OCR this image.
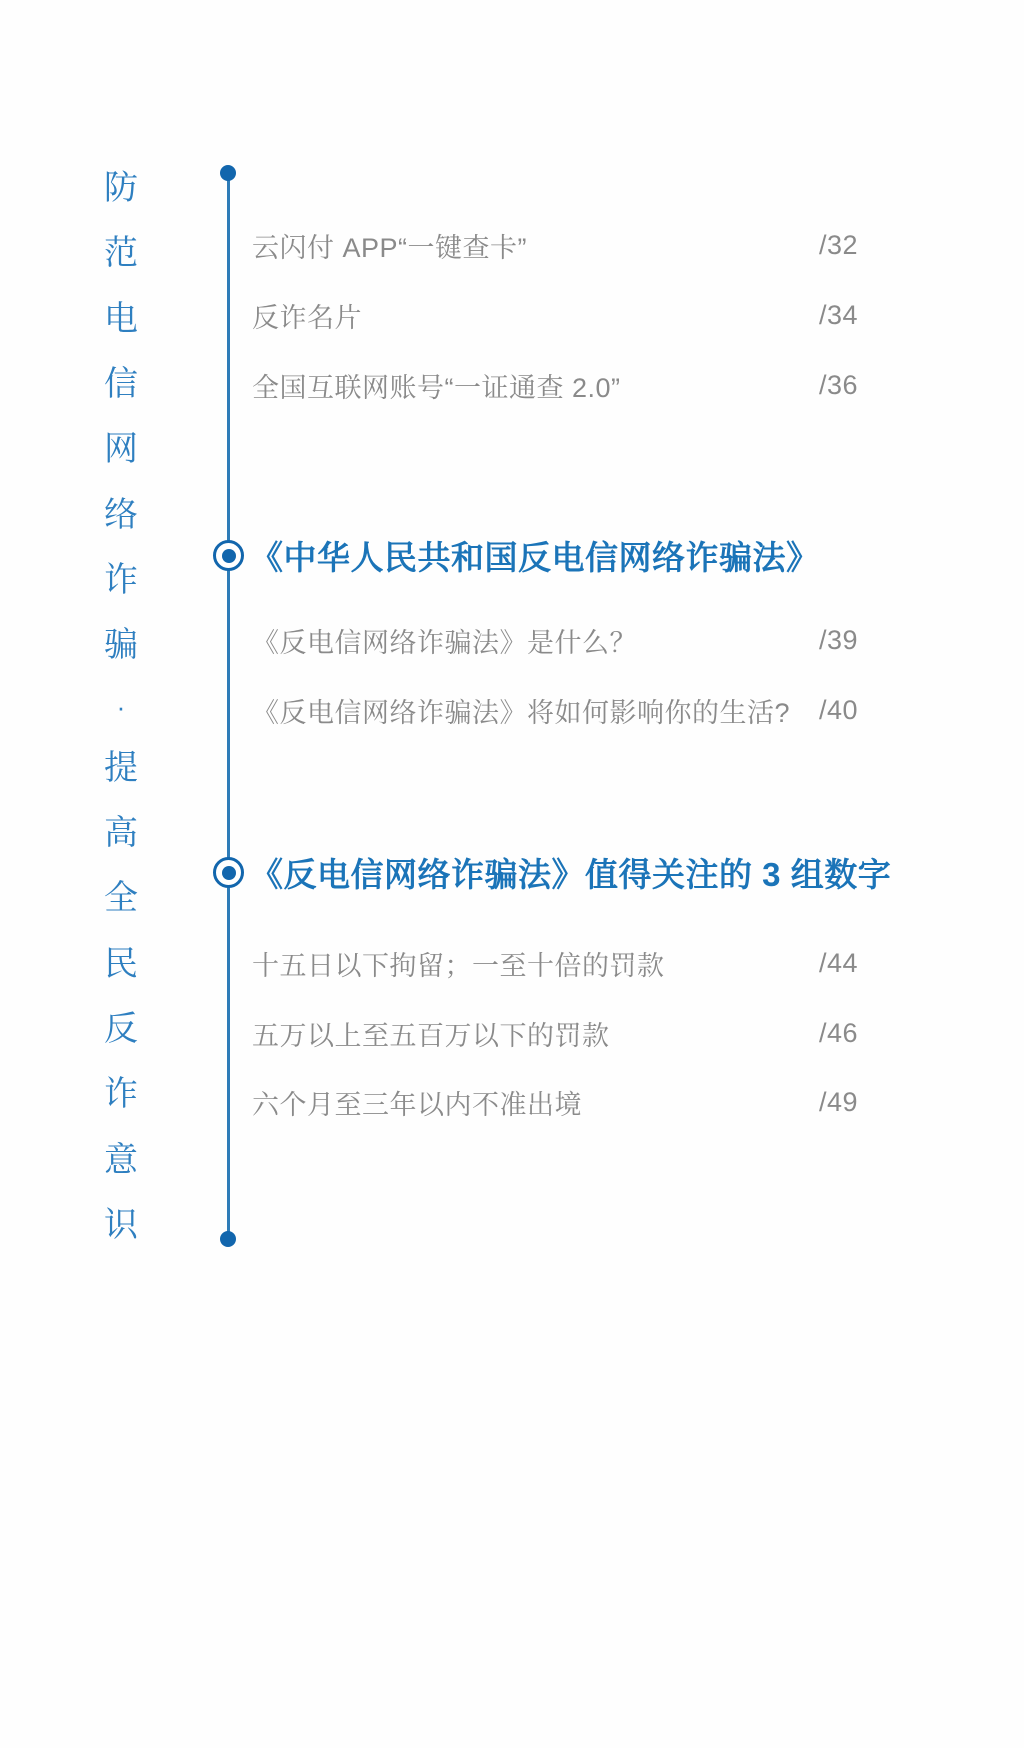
防
范
电
信
网
络
诈
骗
·
提
高
全
民
反
诈
意
识
云闪付 APP“一键查卡”	/32
反诈名片	/34
全国互联网账号“一证通查 2.0”	/36
《中华人民共和国反电信网络诈骗法》
《反电信网络诈骗法》是什么？	/39
《反电信网络诈骗法》将如何影响你的生活?	/40
《反电信网络诈骗法》值得关注的 3 组数字
十五日以下拘留；一至十倍的罚款	/44
五万以上至五百万以下的罚款	/46
六个月至三年以内不准出境	/49
